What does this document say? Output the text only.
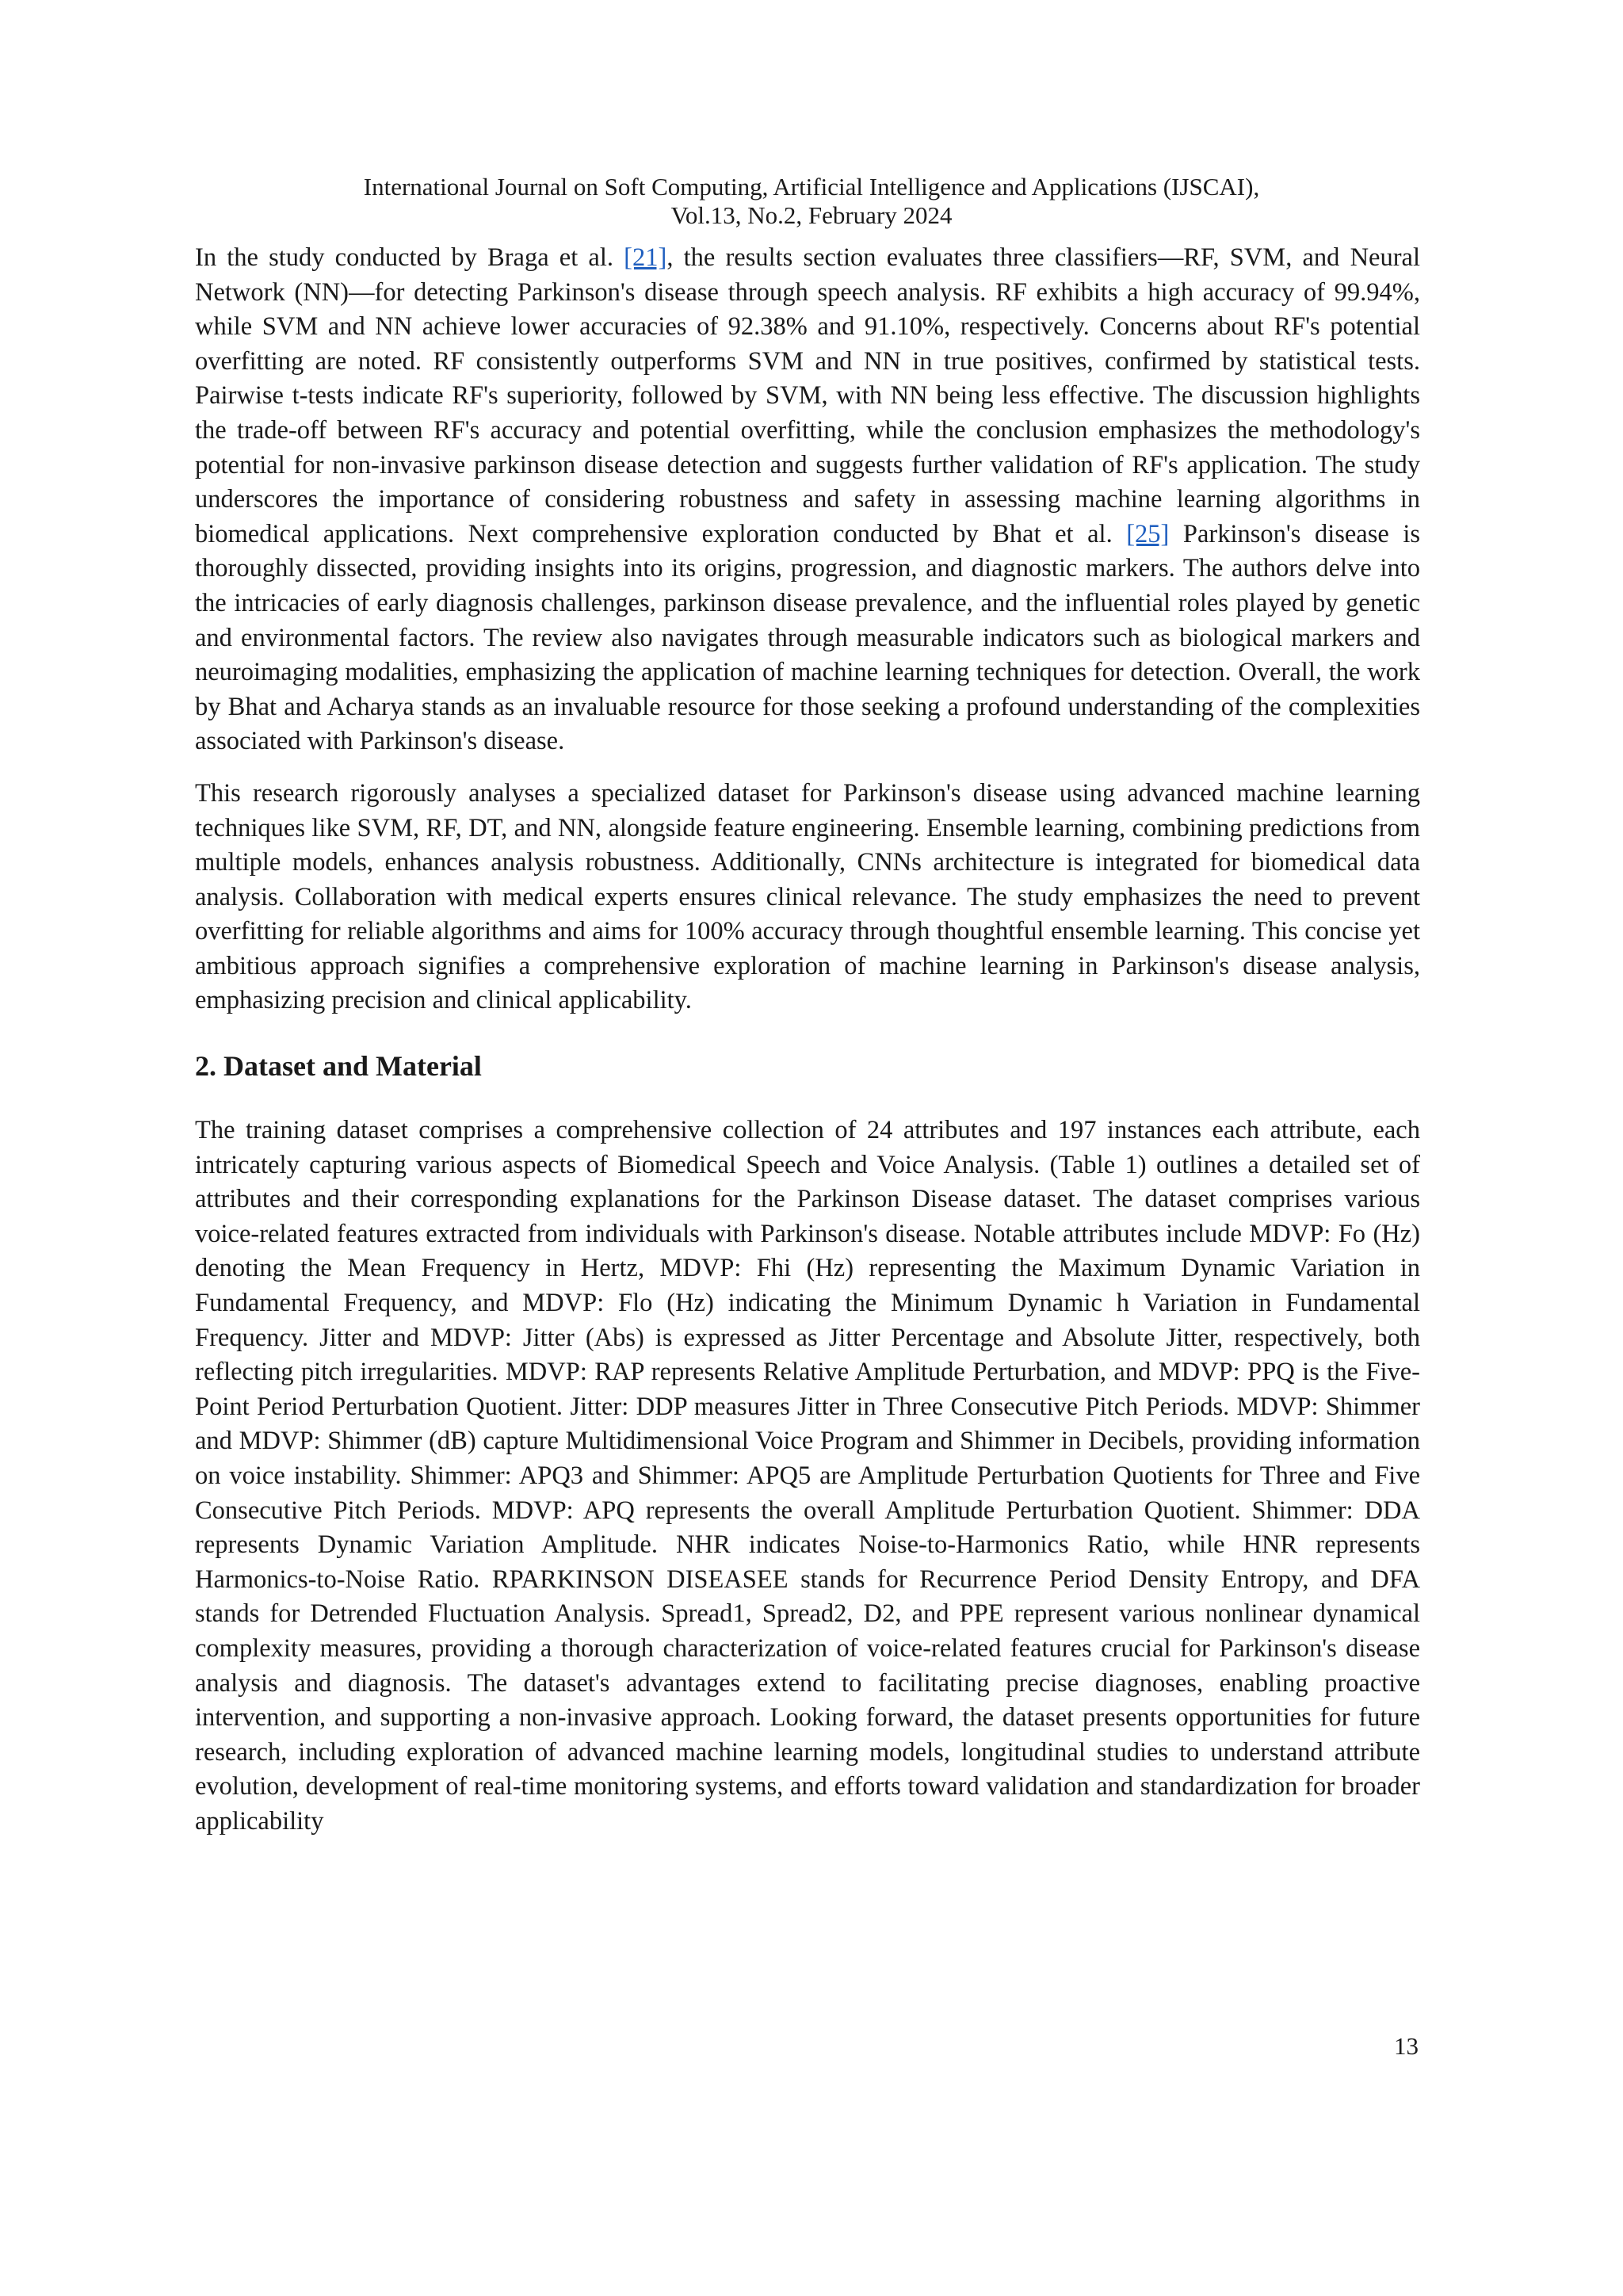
International Journal on Soft Computing, Artificial Intelligence and Applications (IJSCAI),
Vol.13, No.2, February 2024

In the study conducted by Braga et al. [21], the results section evaluates three classifiers—RF, SVM, and Neural Network (NN)—for detecting Parkinson's disease through speech analysis. RF exhibits a high accuracy of 99.94%, while SVM and NN achieve lower accuracies of 92.38% and 91.10%, respectively. Concerns about RF's potential overfitting are noted. RF consistently outperforms SVM and NN in true positives, confirmed by statistical tests. Pairwise t-tests indicate RF's superiority, followed by SVM, with NN being less effective. The discussion highlights the trade-off between RF's accuracy and potential overfitting, while the conclusion emphasizes the methodology's potential for non-invasive parkinson disease detection and suggests further validation of RF's application. The study underscores the importance of considering robustness and safety in assessing machine learning algorithms in biomedical applications. Next comprehensive exploration conducted by Bhat et al. [25] Parkinson's disease is thoroughly dissected, providing insights into its origins, progression, and diagnostic markers. The authors delve into the intricacies of early diagnosis challenges, parkinson disease prevalence, and the influential roles played by genetic and environmental factors. The review also navigates through measurable indicators such as biological markers and neuroimaging modalities, emphasizing the application of machine learning techniques for detection. Overall, the work by Bhat and Acharya stands as an invaluable resource for those seeking a profound understanding of the complexities associated with Parkinson's disease.

This research rigorously analyses a specialized dataset for Parkinson's disease using advanced machine learning techniques like SVM, RF, DT, and NN, alongside feature engineering. Ensemble learning, combining predictions from multiple models, enhances analysis robustness. Additionally, CNNs architecture is integrated for biomedical data analysis. Collaboration with medical experts ensures clinical relevance. The study emphasizes the need to prevent overfitting for reliable algorithms and aims for 100% accuracy through thoughtful ensemble learning. This concise yet ambitious approach signifies a comprehensive exploration of machine learning in Parkinson's disease analysis, emphasizing precision and clinical applicability.

2. Dataset and Material

The training dataset comprises a comprehensive collection of 24 attributes and 197 instances each attribute, each intricately capturing various aspects of Biomedical Speech and Voice Analysis. (Table 1) outlines a detailed set of attributes and their corresponding explanations for the Parkinson Disease dataset. The dataset comprises various voice-related features extracted from individuals with Parkinson's disease. Notable attributes include MDVP: Fo (Hz) denoting the Mean Frequency in Hertz, MDVP: Fhi (Hz) representing the Maximum Dynamic Variation in Fundamental Frequency, and MDVP: Flo (Hz) indicating the Minimum Dynamic h Variation in Fundamental Frequency. Jitter and MDVP: Jitter (Abs) is expressed as Jitter Percentage and Absolute Jitter, respectively, both reflecting pitch irregularities. MDVP: RAP represents Relative Amplitude Perturbation, and MDVP: PPQ is the Five-Point Period Perturbation Quotient. Jitter: DDP measures Jitter in Three Consecutive Pitch Periods. MDVP: Shimmer and MDVP: Shimmer (dB) capture Multidimensional Voice Program and Shimmer in Decibels, providing information on voice instability. Shimmer: APQ3 and Shimmer: APQ5 are Amplitude Perturbation Quotients for Three and Five Consecutive Pitch Periods. MDVP: APQ represents the overall Amplitude Perturbation Quotient. Shimmer: DDA represents Dynamic Variation Amplitude. NHR indicates Noise-to-Harmonics Ratio, while HNR represents Harmonics-to-Noise Ratio. RPARKINSON DISEASEE stands for Recurrence Period Density Entropy, and DFA stands for Detrended Fluctuation Analysis. Spread1, Spread2, D2, and PPE represent various nonlinear dynamical complexity measures, providing a thorough characterization of voice-related features crucial for Parkinson's disease analysis and diagnosis. The dataset's advantages extend to facilitating precise diagnoses, enabling proactive intervention, and supporting a non-invasive approach. Looking forward, the dataset presents opportunities for future research, including exploration of advanced machine learning models, longitudinal studies to understand attribute evolution, development of real-time monitoring systems, and efforts toward validation and standardization for broader applicability

13
